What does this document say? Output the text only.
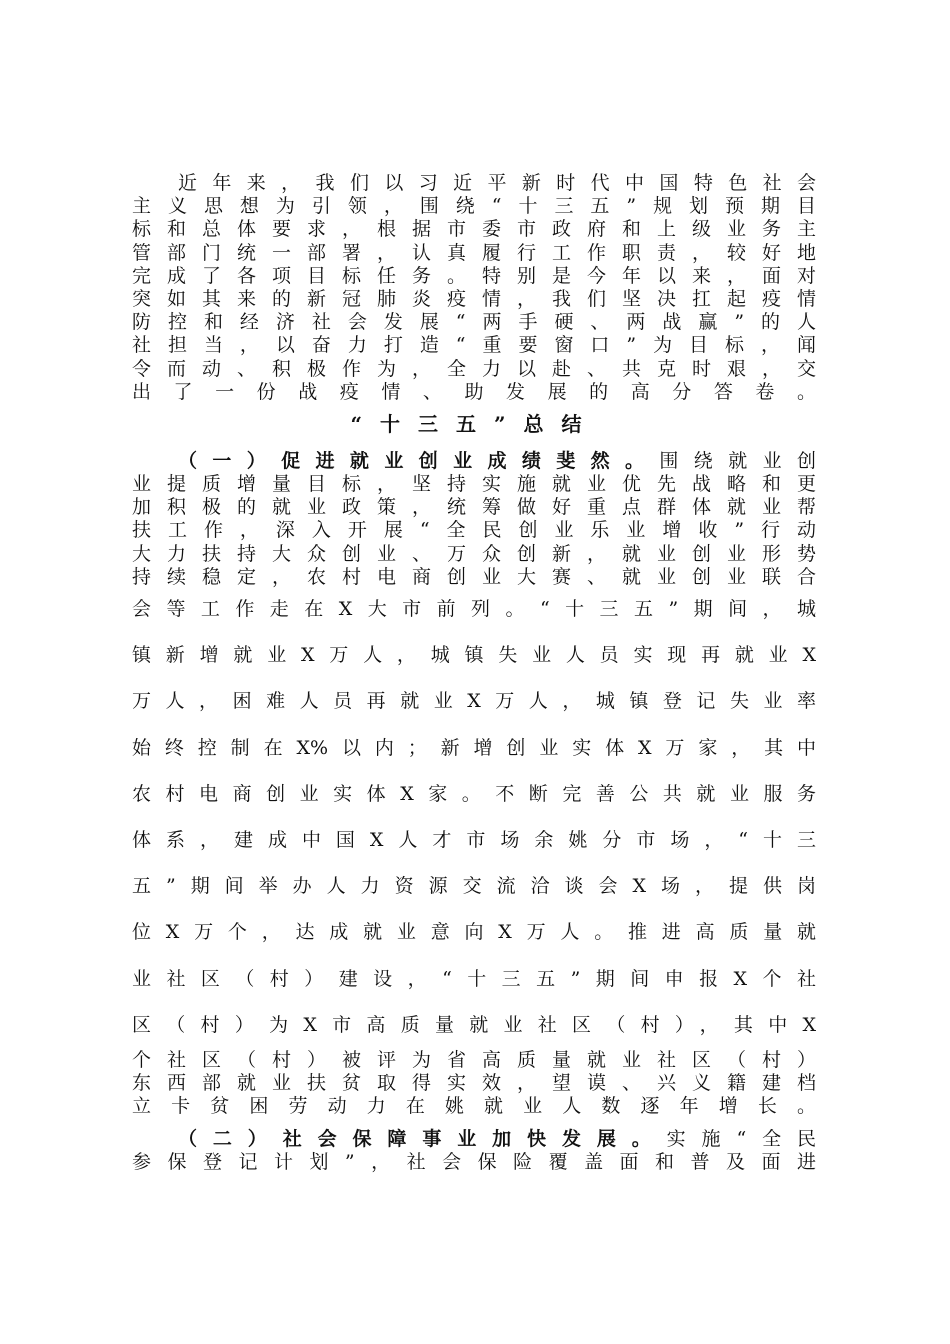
近年来，我们以习近平新时代中国特色社会
主义思想为引领，围绕“十三五”规划预期目
标和总体要求，根据市委市政府和上级业务主
管部门统一部署，认真履行工作职责，较好地
完成了各项目标任务。特别是今年以来，面对
突如其来的新冠肺炎疫情，我们坚决扛起疫情
防控和经济社会发展“两手硬、两战赢”的人
社担当，以奋力打造“重要窗口”为目标，闻
令而动、积极作为，全力以赴、共克时艰，交
出了一份战疫情、助发展的高分答卷。
“十三五”总结
（一）促进就业创业成绩斐然。围绕就业创
业提质增量目标，坚持实施就业优先战略和更
加积极的就业政策，统筹做好重点群体就业帮
扶工作，深入开展“全民创业乐业增收”行动
大力扶持大众创业、万众创新，就业创业形势
持续稳定，农村电商创业大赛、就业创业联合
会等工作走在X大市前列。“十三五”期间，城
镇新增就业X万人，城镇失业人员实现再就业X
万人，困难人员再就业X万人，城镇登记失业率
始终控制在X%以内；新增创业实体X万家，其中
农村电商创业实体X家。不断完善公共就业服务
体系，建成中国X人才市场余姚分市场，“十三
五”期间举办人力资源交流洽谈会X场，提供岗
位X万个，达成就业意向X万人。推进高质量就
业社区（村）建设，“十三五”期间申报X个社
区（村）为X市高质量就业社区（村），其中X
个社区（村）被评为省高质量就业社区（村）
东西部就业扶贫取得实效，望谟、兴义籍建档
立卡贫困劳动力在姚就业人数逐年增长。
（二）社会保障事业加快发展。实施“全民
参保登记计划”，社会保险覆盖面和普及面进
